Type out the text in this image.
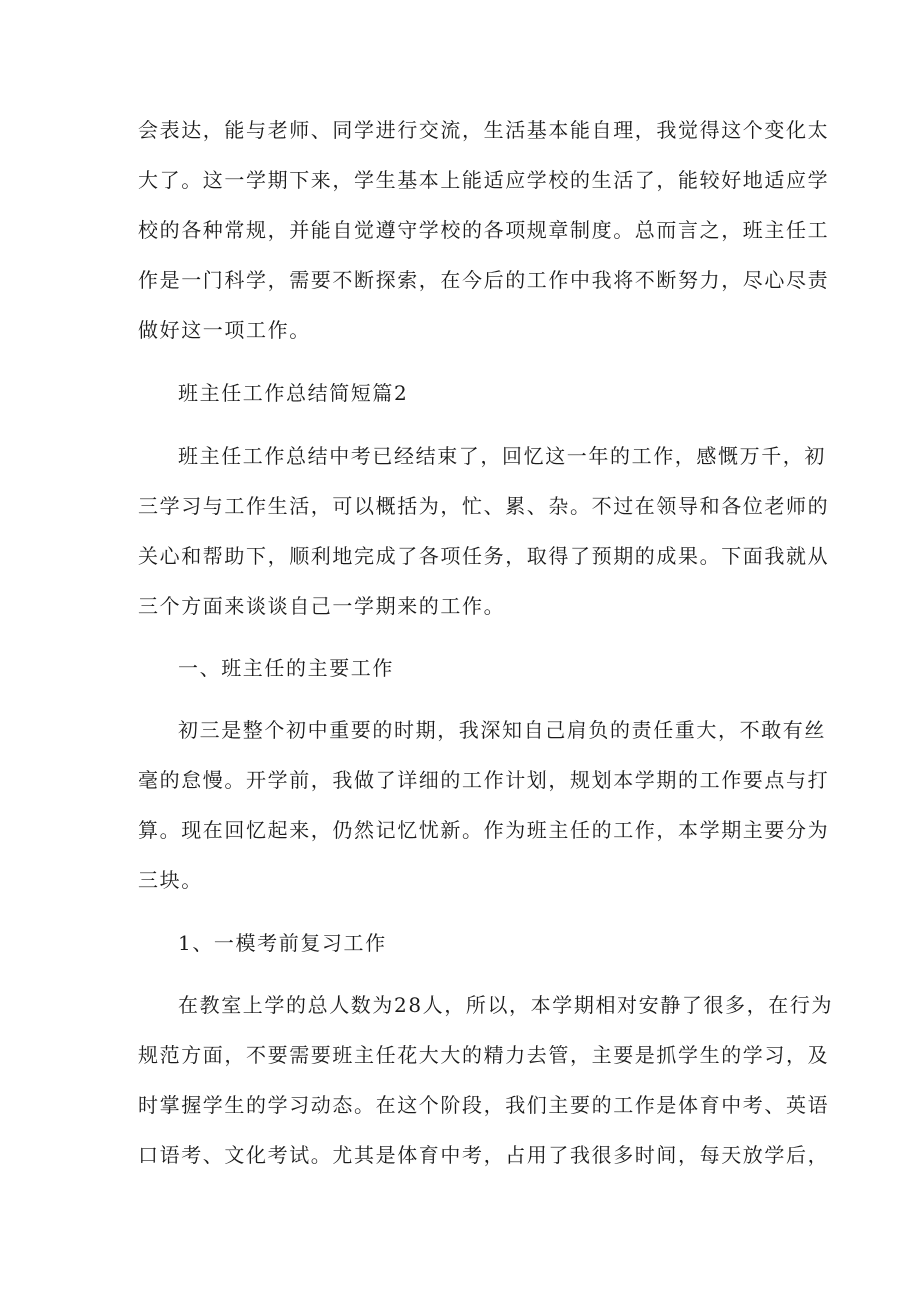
会表达，能与老师、同学进行交流，生活基本能自理，我觉得这个变化太
大了。这一学期下来，学生基本上能适应学校的生活了，能较好地适应学
校的各种常规，并能自觉遵守学校的各项规章制度。总而言之，班主任工
作是一门科学，需要不断探索，在今后的工作中我将不断努力，尽心尽责
做好这一项工作。
班主任工作总结简短篇2
班主任工作总结中考已经结束了，回忆这一年的工作，感慨万千，初
三学习与工作生活，可以概括为，忙、累、杂。不过在领导和各位老师的
关心和帮助下，顺利地完成了各项任务，取得了预期的成果。下面我就从
三个方面来谈谈自己一学期来的工作。
一、班主任的主要工作
初三是整个初中重要的时期，我深知自己肩负的责任重大，不敢有丝
毫的怠慢。开学前，我做了详细的工作计划，规划本学期的工作要点与打
算。现在回忆起来，仍然记忆忧新。作为班主任的工作，本学期主要分为
三块。
1、一模考前复习工作
在教室上学的总人数为28人，所以，本学期相对安静了很多，在行为
规范方面，不要需要班主任花大大的精力去管，主要是抓学生的学习，及
时掌握学生的学习动态。在这个阶段，我们主要的工作是体育中考、英语
口语考、文化考试。尤其是体育中考，占用了我很多时间，每天放学后，
